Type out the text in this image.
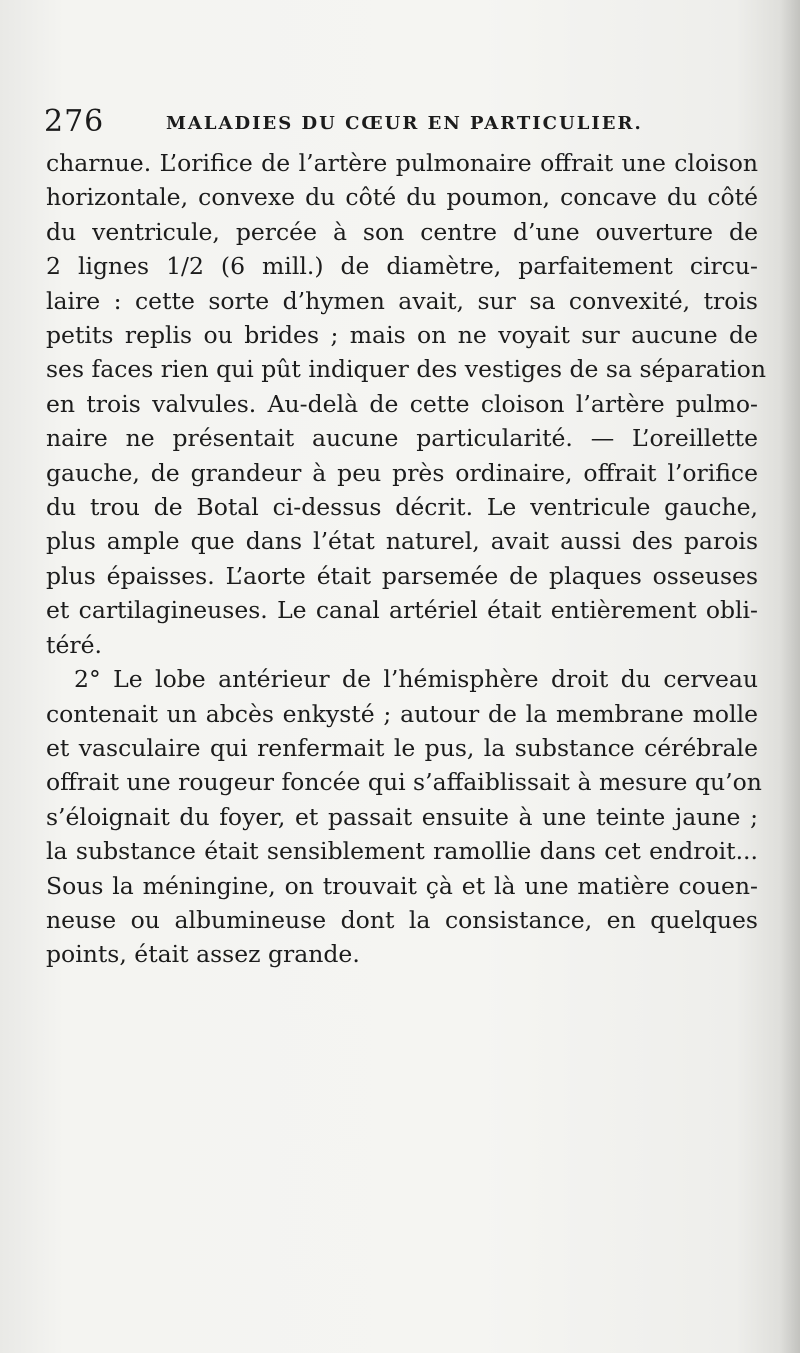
276	MALADIES DU CŒUR EN PARTICULIER.
charnue. L’orifice de l’artère pulmonaire offrait une cloison
horizontale, convexe du côté du poumon, concave du côté
du ventricule, percée à son centre d’une ouverture de
2 lignes 1/2 (6 mill.) de diamètre, parfaitement circu-
laire : cette sorte d’hymen avait, sur sa convexité, trois
petits replis ou brides ; mais on ne voyait sur aucune de
ses faces rien qui pût indiquer des vestiges de sa séparation
en trois valvules. Au-delà de cette cloison l’artère pulmo-
naire ne présentait aucune particularité. — L’oreillette
gauche, de grandeur à peu près ordinaire, offrait l’orifice
du trou de Botal ci-dessus décrit. Le ventricule gauche,
plus ample que dans l’état naturel, avait aussi des parois
plus épaisses. L’aorte était parsemée de plaques osseuses
et cartilagineuses. Le canal artériel était entièrement obli-
téré.
2° Le lobe antérieur de l’hémisphère droit du cerveau
contenait un abcès enkysté ; autour de la membrane molle
et vasculaire qui renfermait le pus, la substance cérébrale
offrait une rougeur foncée qui s’affaiblissait à mesure qu’on
s’éloignait du foyer, et passait ensuite à une teinte jaune ;
la substance était sensiblement ramollie dans cet endroit...
Sous la méningine, on trouvait çà et là une matière couen-
neuse ou albumineuse dont la consistance, en quelques
points, était assez grande.
